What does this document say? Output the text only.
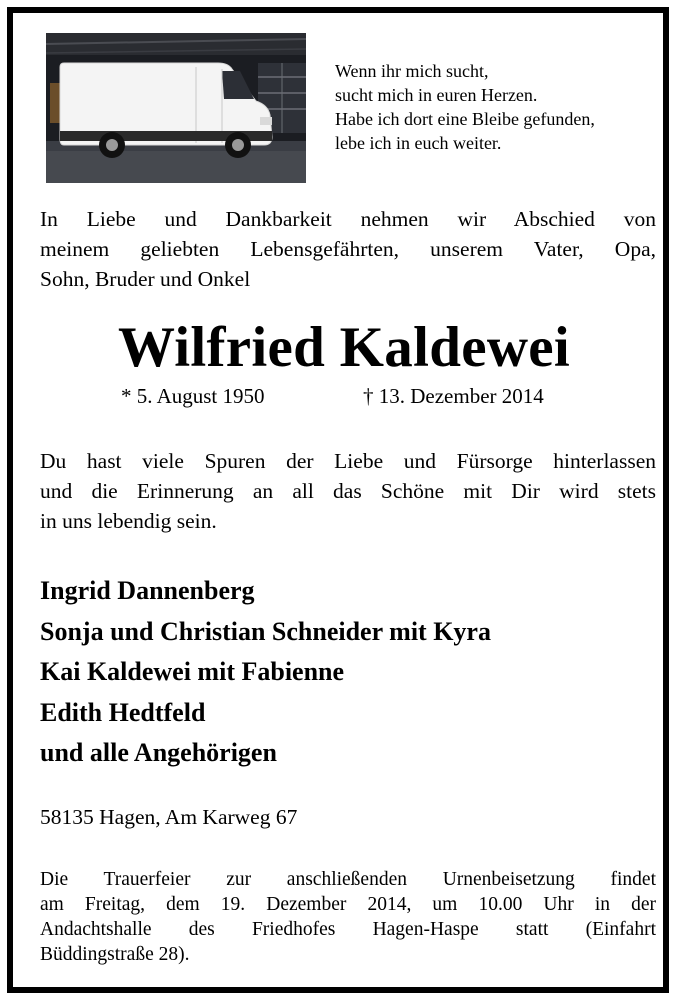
Wenn ihr mich sucht,
sucht mich in euren Herzen.
Habe ich dort eine Bleibe gefunden,
lebe ich in euch weiter.
In Liebe und Dankbarkeit nehmen wir Abschied von
meinem geliebten Lebensgefährten, unserem Vater, Opa,
Sohn, Bruder und Onkel
Wilfried Kaldewei
* 5. August 1950	† 13. Dezember 2014
Du hast viele Spuren der Liebe und Fürsorge hinterlassen
und die Erinnerung an all das Schöne mit Dir wird stets
in uns lebendig sein.
Ingrid Dannenberg
Sonja und Christian Schneider mit Kyra
Kai Kaldewei mit Fabienne
Edith Hedtfeld
und alle Angehörigen
58135 Hagen, Am Karweg 67
Die Trauerfeier zur anschließenden Urnenbeisetzung findet
am Freitag, dem 19. Dezember 2014, um 10.00 Uhr in der
Andachtshalle des Friedhofes Hagen-Haspe statt (Einfahrt
Büddingstraße 28).
